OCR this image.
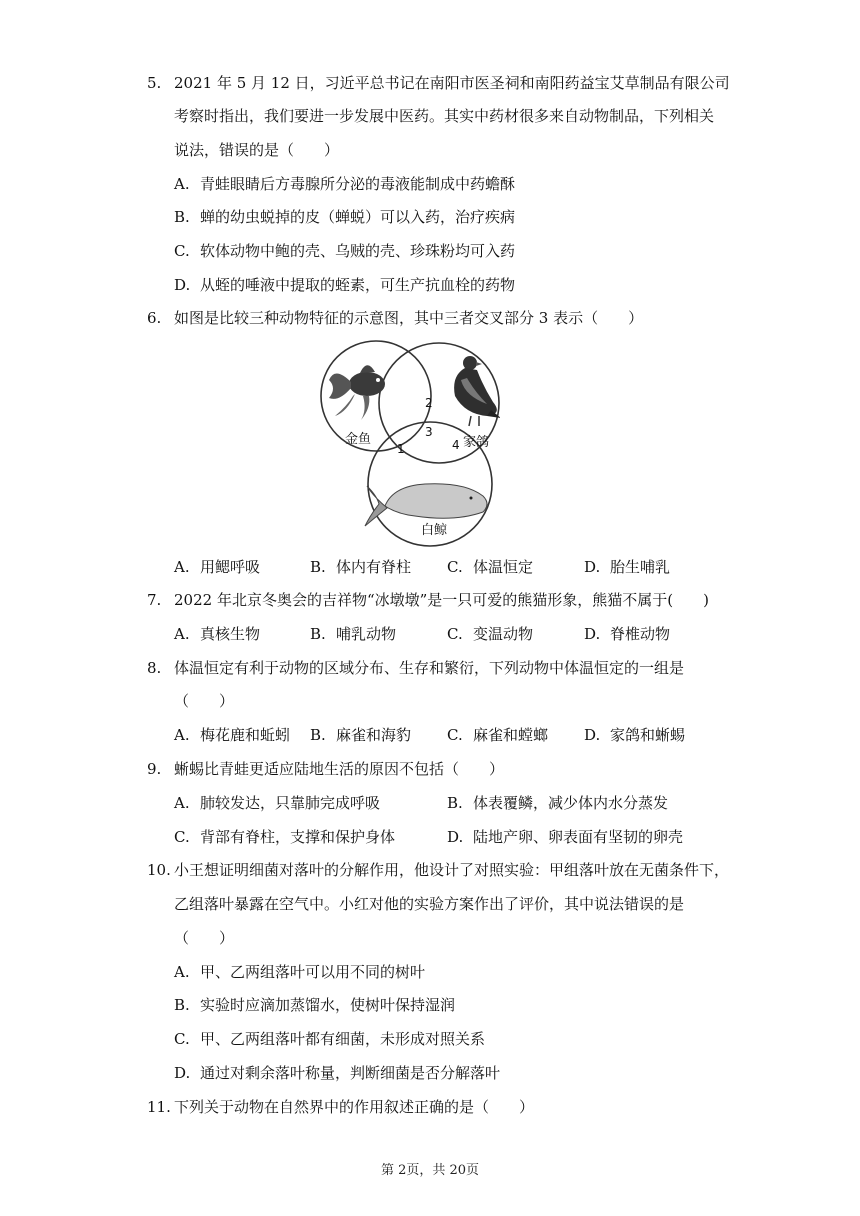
5. 2021 年 5 月 12 日，习近平总书记在南阳市医圣祠和南阳药益宝艾草制品有限公司
考察时指出，我们要进一步发展中医药。其实中药材很多来自动物制品，下列相关
说法，错误的是（　　）
A. 青蛙眼睛后方毒腺所分泌的毒液能制成中药蟾酥
B. 蝉的幼虫蜕掉的皮（蝉蜕）可以入药，治疗疾病
C. 软体动物中鲍的壳、乌贼的壳、珍珠粉均可入药
D. 从蛭的唾液中提取的蛭素，可生产抗血栓的药物
6. 如图是比较三种动物特征的示意图，其中三者交叉部分 3 表示（　　）
2
3
1	4
金鱼	家鸽
白鲸
A. 用鳃呼吸	B. 体内有脊柱 C. 体温恒定	D. 胎生哺乳
7. 2022 年北京冬奥会的吉祥物“冰墩墩”是一只可爱的熊猫形象，熊猫不属于(　　)
A. 真核生物	B. 哺乳动物	C. 变温动物	D. 脊椎动物
8. 体温恒定有利于动物的区域分布、生存和繁衍，下列动物中体温恒定的一组是
（　　）
A. 梅花鹿和蚯蚓 B. 麻雀和海豹 C. 麻雀和螳螂 D. 家鸽和蜥蜴
9. 蜥蜴比青蛙更适应陆地生活的原因不包括（　　）
A. 肺较发达，只靠肺完成呼吸	B. 体表覆鳞，减少体内水分蒸发
C. 背部有脊柱，支撑和保护身体	D. 陆地产卵、卵表面有坚韧的卵壳
10. 小王想证明细菌对落叶的分解作用，他设计了对照实验：甲组落叶放在无菌条件下，
乙组落叶暴露在空气中。小红对他的实验方案作出了评价，其中说法错误的是
（　　）
A. 甲、乙两组落叶可以用不同的树叶
B. 实验时应滴加蒸馏水，使树叶保持湿润
C. 甲、乙两组落叶都有细菌，未形成对照关系
D. 通过对剩余落叶称量，判断细菌是否分解落叶
11. 下列关于动物在自然界中的作用叙述正确的是（　　）
第 2页，共 20页
